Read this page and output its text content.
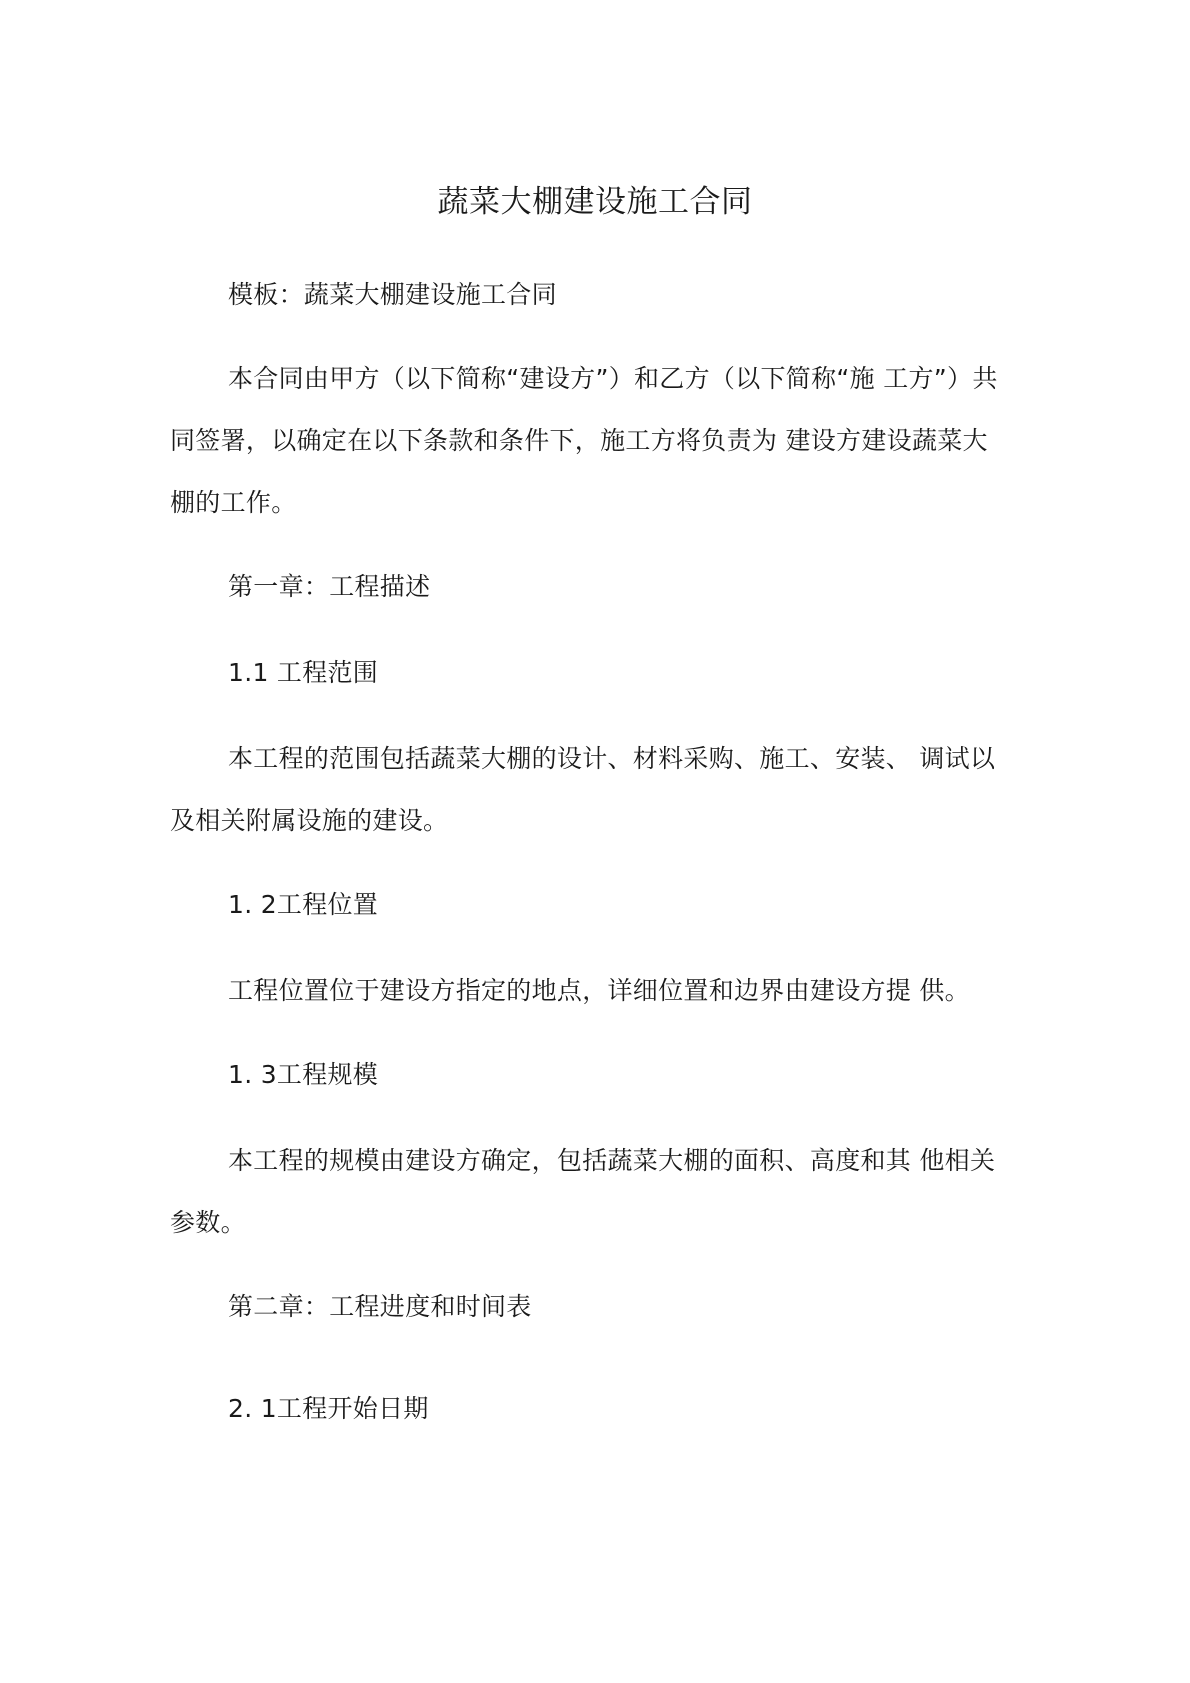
蔬菜大棚建设施工合同
模板：蔬菜大棚建设施工合同
本合同由甲方（以下简称“建设方”）和乙方（以下简称“施 工方”）共
同签署，以确定在以下条款和条件下，施工方将负责为 建设方建设蔬菜大
棚的工作。
第一章：工程描述
1.1 工程范围
本工程的范围包括蔬菜大棚的设计、材料采购、施工、安装、 调试以
及相关附属设施的建设。
1. 2工程位置
工程位置位于建设方指定的地点，详细位置和边界由建设方提 供。
1. 3工程规模
本工程的规模由建设方确定，包括蔬菜大棚的面积、高度和其 他相关
参数。
第二章：工程进度和时间表
2. 1工程开始日期
